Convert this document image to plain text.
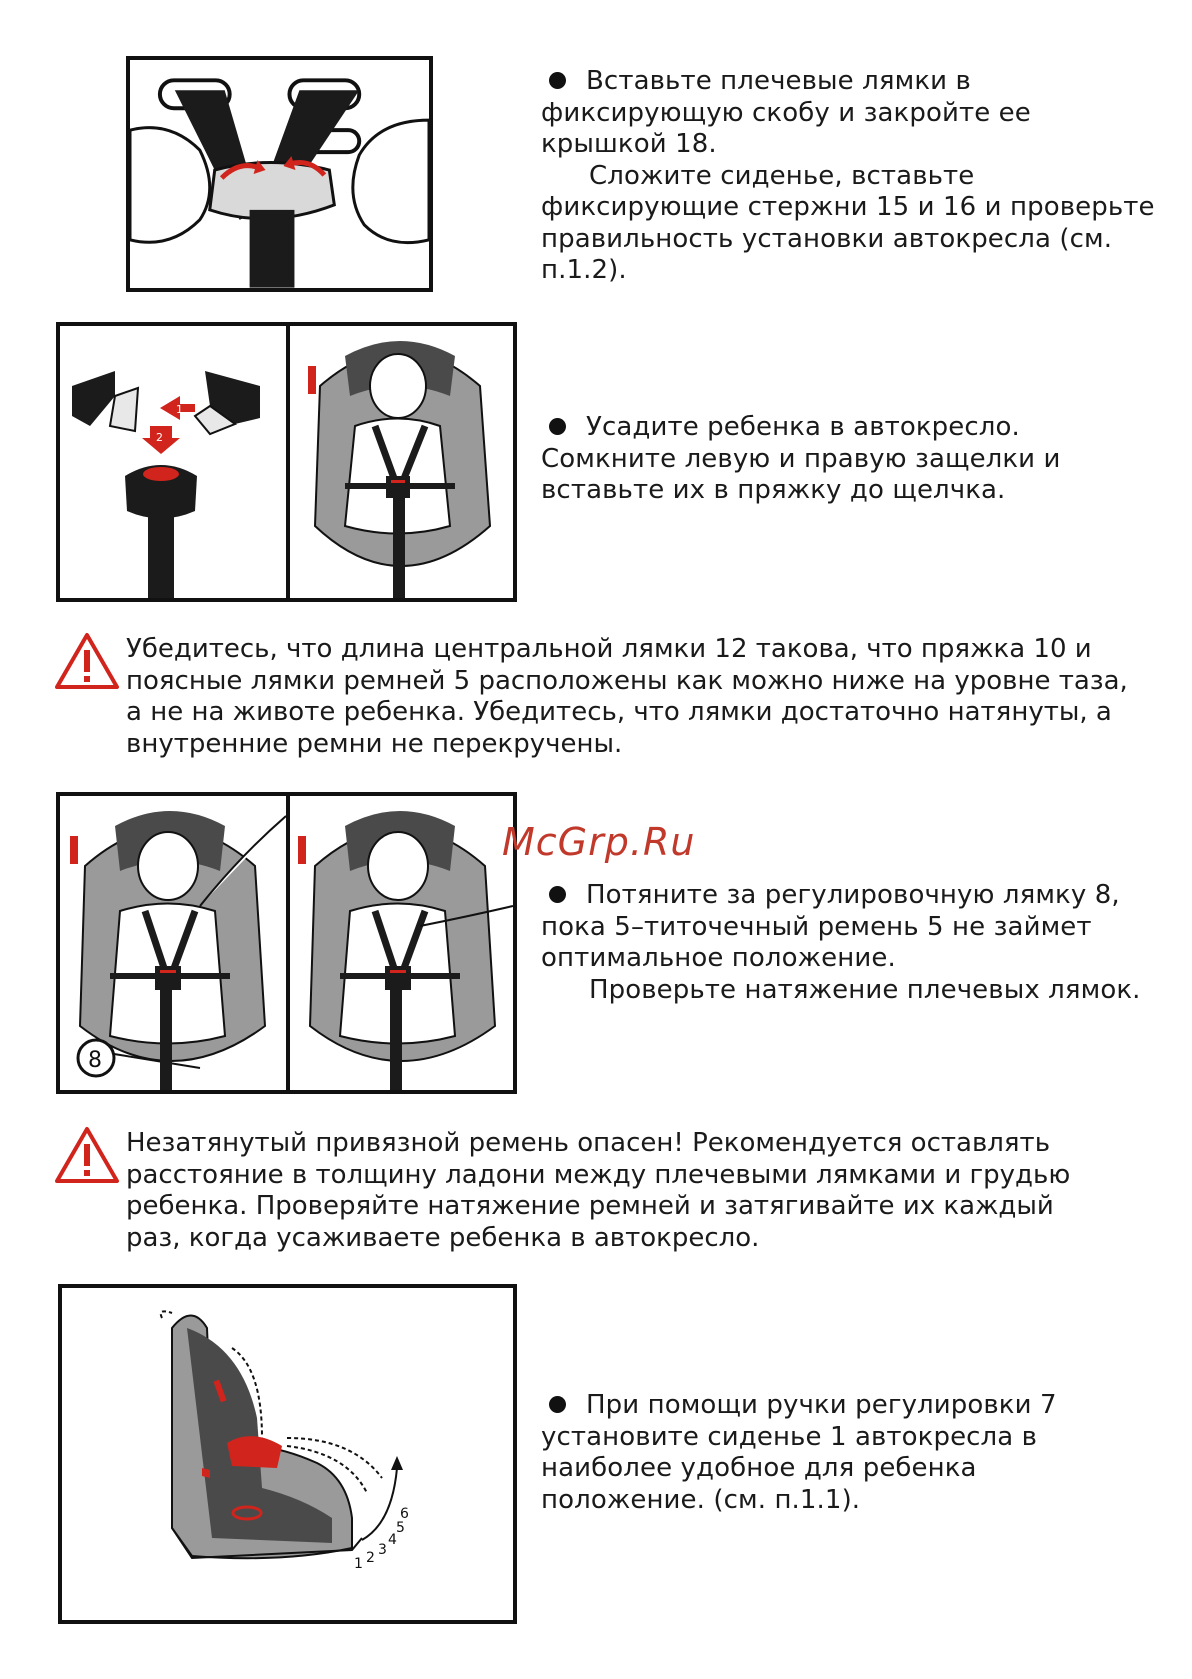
Вставьте плечевые лямки в фиксирующую скобу и закройте ее крышкой 18.

Сложите сиденье, вставьте фиксирующие стержни 15 и 16 и проверьте правильность установки автокресла (см. п.1.2).

1
2	Усадите ребенка в автокресло. Сомкните левую и правую защелки и вставьте их в пряжку до щелчка.

Убедитесь, что длина центральной лямки 12 такова, что пряжка 10 и поясные лямки ремней 5 расположены как можно ниже на уровне таза, а не на животе ребенка. Убедитесь, что лямки достаточно натянуты, а внутренние ремни не перекручены.
8
McGrp.Ru

Потяните за регулировочную лямку 8, пока 5–титочечный ремень 5 не займет оптимальное положение.

Проверьте натяжение плечевых лямок.

Незатянутый привязной ремень опасен! Рекомендуется оставлять расстояние в толщину ладони между плечевыми лямками и грудью ребенка. Проверяйте натяжение ремней и затягивайте их каждый раз, когда усаживаете ребенка в автокресло.
1 2 3
4
5
6

При помощи ручки регулировки 7 установите сиденье 1 автокресла в наиболее удобное для ребенка положение. (см. п.1.1).
